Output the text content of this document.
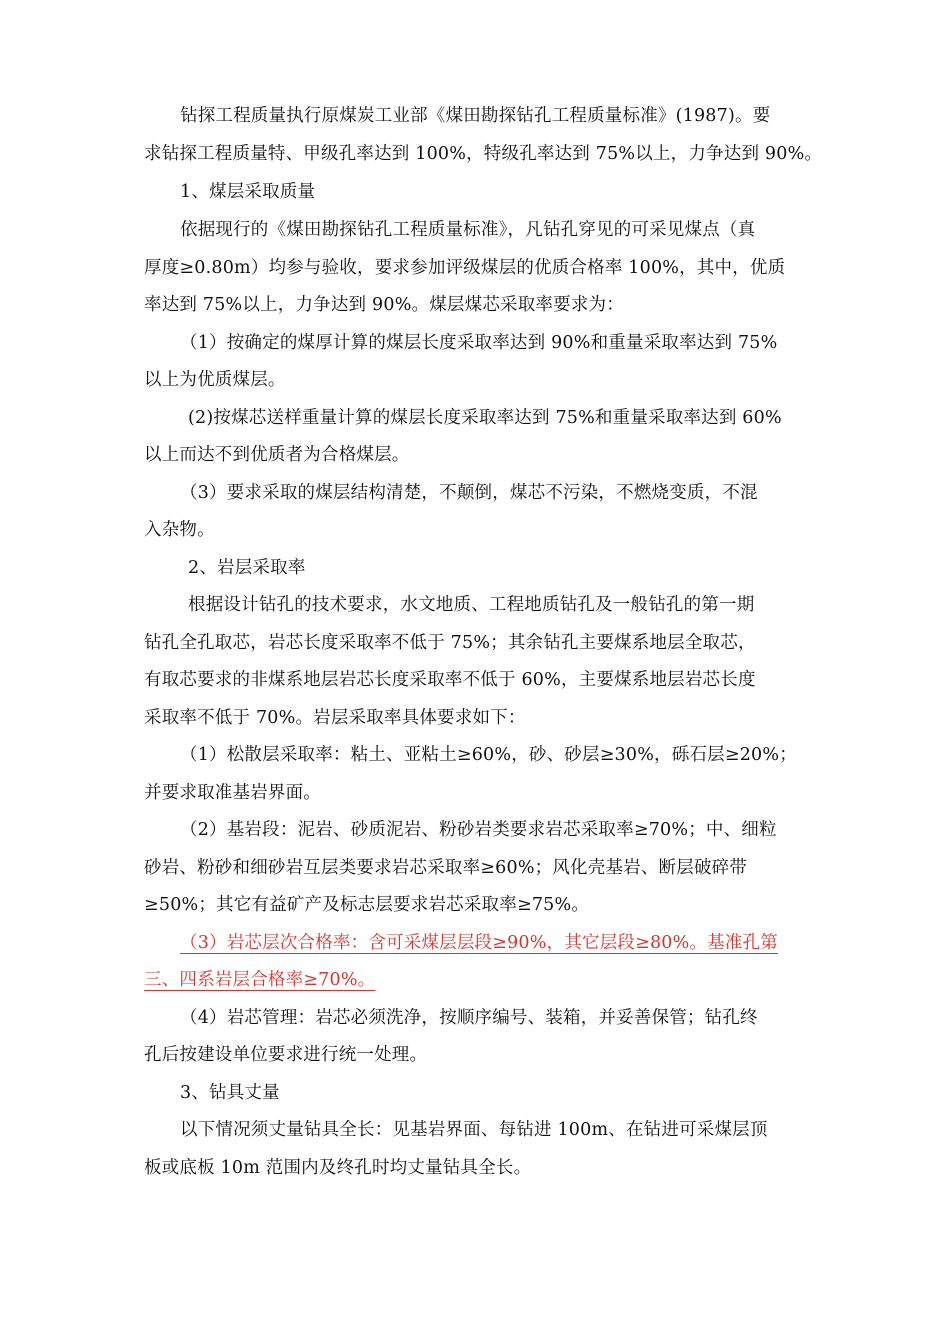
钻探工程质量执行原煤炭工业部《煤田勘探钻孔工程质量标准》(1987)。要
求钻探工程质量特、甲级孔率达到 100%，特级孔率达到 75%以上，力争达到 90%。
1、煤层采取质量
依据现行的《煤田勘探钻孔工程质量标准》，凡钻孔穿见的可采见煤点（真
厚度≥0.80m）均参与验收，要求参加评级煤层的优质合格率 100%，其中，优质
率达到 75%以上，力争达到 90%。煤层煤芯采取率要求为：
（1）按确定的煤厚计算的煤层长度采取率达到 90%和重量采取率达到 75%
以上为优质煤层。
(2)按煤芯送样重量计算的煤层长度采取率达到 75%和重量采取率达到 60%
以上而达不到优质者为合格煤层。
（3）要求采取的煤层结构清楚，不颠倒，煤芯不污染，不燃烧变质，不混
入杂物。
2、岩层采取率
根据设计钻孔的技术要求，水文地质、工程地质钻孔及一般钻孔的第一期
钻孔全孔取芯，岩芯长度采取率不低于 75%；其余钻孔主要煤系地层全取芯，
有取芯要求的非煤系地层岩芯长度采取率不低于 60%，主要煤系地层岩芯长度
采取率不低于 70%。岩层采取率具体要求如下：
（1）松散层采取率：粘土、亚粘土≥60%，砂、砂层≥30%，砾石层≥20%；
并要求取准基岩界面。
（2）基岩段：泥岩、砂质泥岩、粉砂岩类要求岩芯采取率≥70%；中、细粒
砂岩、粉砂和细砂岩互层类要求岩芯采取率≥60%；风化壳基岩、断层破碎带
≥50%；其它有益矿产及标志层要求岩芯采取率≥75%。
（3）岩芯层次合格率：含可采煤层层段≥90%，其它层段≥80%。基准孔第
三、四系岩层合格率≥70%。
（4）岩芯管理：岩芯必须洗净，按顺序编号、装箱，并妥善保管；钻孔终
孔后按建设单位要求进行统一处理。
3、钻具丈量
以下情况须丈量钻具全长：见基岩界面、每钻进 100m、在钻进可采煤层顶
板或底板 10m 范围内及终孔时均丈量钻具全长。
